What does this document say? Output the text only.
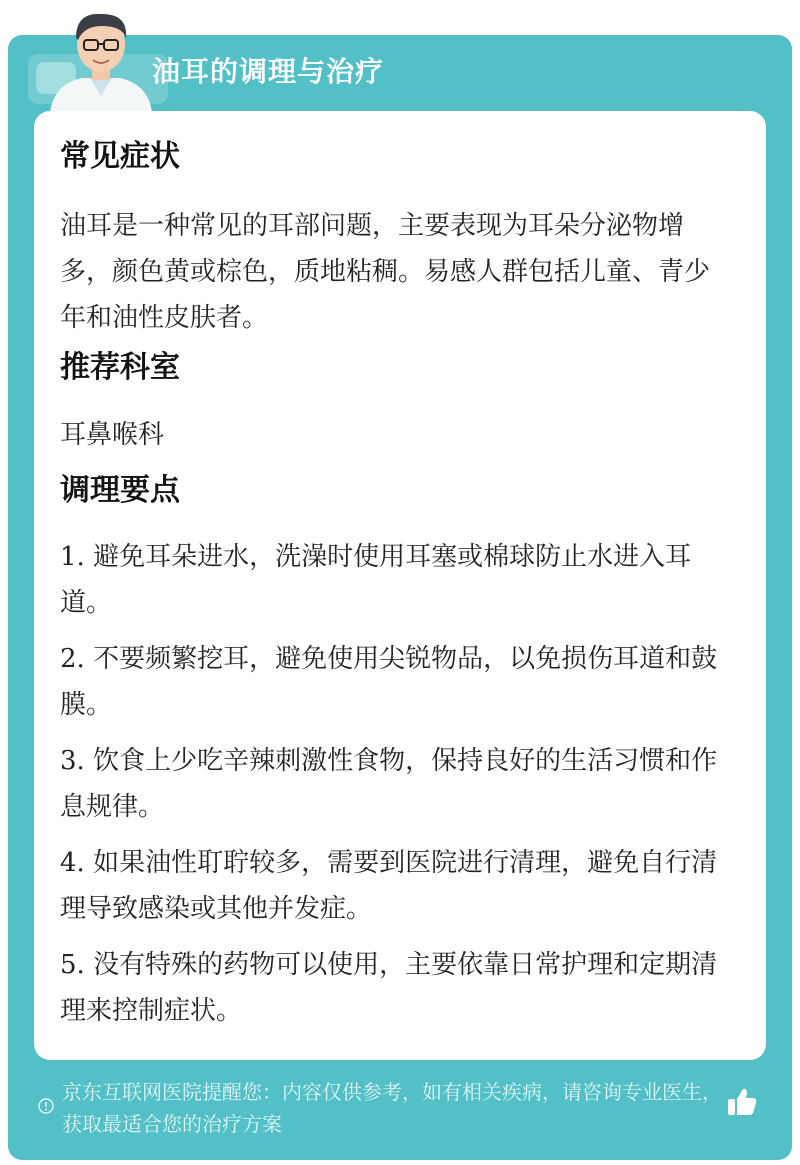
油耳的调理与治疗
常见症状
油耳是一种常见的耳部问题，主要表现为耳朵分泌物增多，颜色黄或棕色，质地粘稠。易感人群包括儿童、青少年和油性皮肤者。
推荐科室
耳鼻喉科
调理要点
1. 避免耳朵进水，洗澡时使用耳塞或棉球防止水进入耳道。
2. 不要频繁挖耳，避免使用尖锐物品，以免损伤耳道和鼓膜。
3. 饮食上少吃辛辣刺激性食物，保持良好的生活习惯和作息规律。
4. 如果油性耵聍较多，需要到医院进行清理，避免自行清理导致感染或其他并发症。
5. 没有特殊的药物可以使用，主要依靠日常护理和定期清理来控制症状。
京东互联网医院提醒您：内容仅供参考，如有相关疾病，请咨询专业医生，获取最适合您的治疗方案
